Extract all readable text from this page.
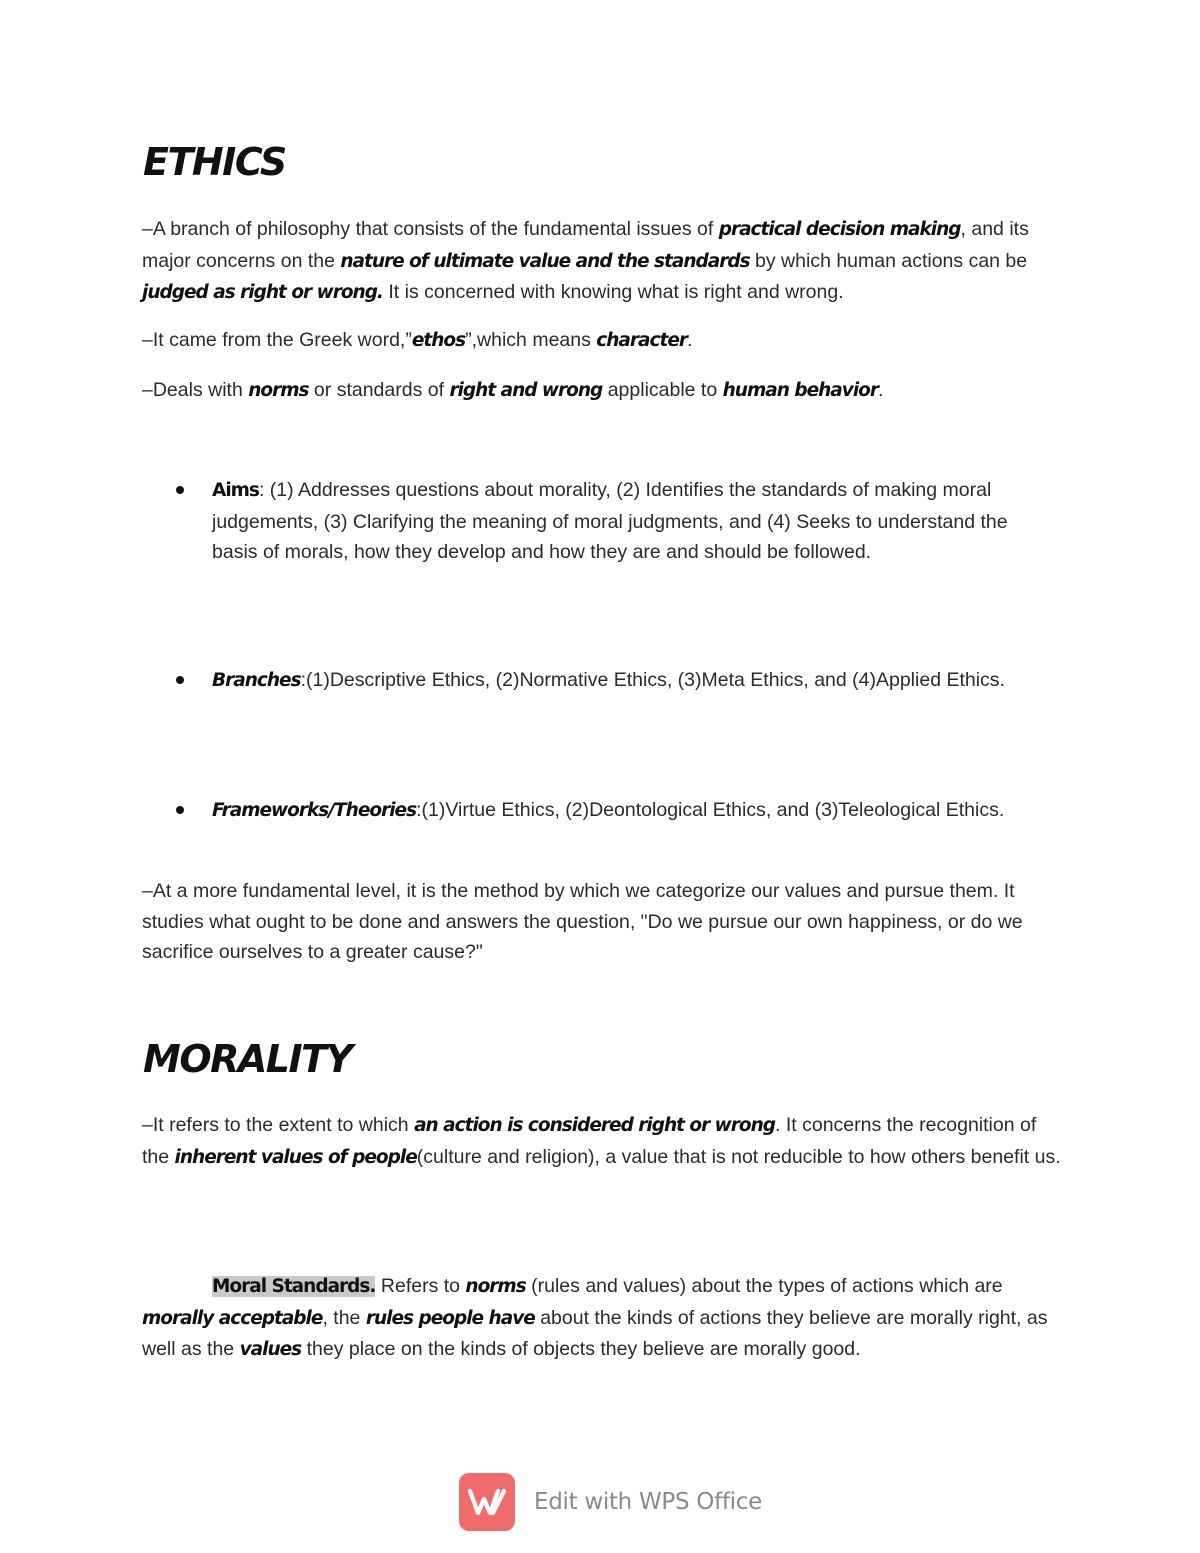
ETHICS

–A branch of philosophy that consists of the fundamental issues of practical decision making, and its major concerns on the nature of ultimate value and the standards by which human actions can be judged as right or wrong. It is concerned with knowing what is right and wrong.

–It came from the Greek word,”ethos”,which means character.

–Deals with norms or standards of right and wrong applicable to human behavior.

Aims: (1) Addresses questions about morality, (2) Identifies the standards of making moral judgements, (3) Clarifying the meaning of moral judgments, and (4) Seeks to understand the basis of morals, how they develop and how they are and should be followed.

Branches:(1)Descriptive Ethics, (2)Normative Ethics, (3)Meta Ethics, and (4)Applied Ethics.

Frameworks/Theories:(1)Virtue Ethics, (2)Deontological Ethics, and (3)Teleological Ethics.

–At a more fundamental level, it is the method by which we categorize our values and pursue them. It studies what ought to be done and answers the question, "Do we pursue our own happiness, or do we sacrifice ourselves to a greater cause?"

MORALITY

–It refers to the extent to which an action is considered right or wrong. It concerns the recognition of the inherent values of people(culture and religion), a value that is not reducible to how others benefit us.

Moral Standards. Refers to norms (rules and values) about the types of actions which are morally acceptable, the rules people have about the kinds of actions they believe are morally right, as well as the values they place on the kinds of objects they believe are morally good.

Edit with WPS Office
